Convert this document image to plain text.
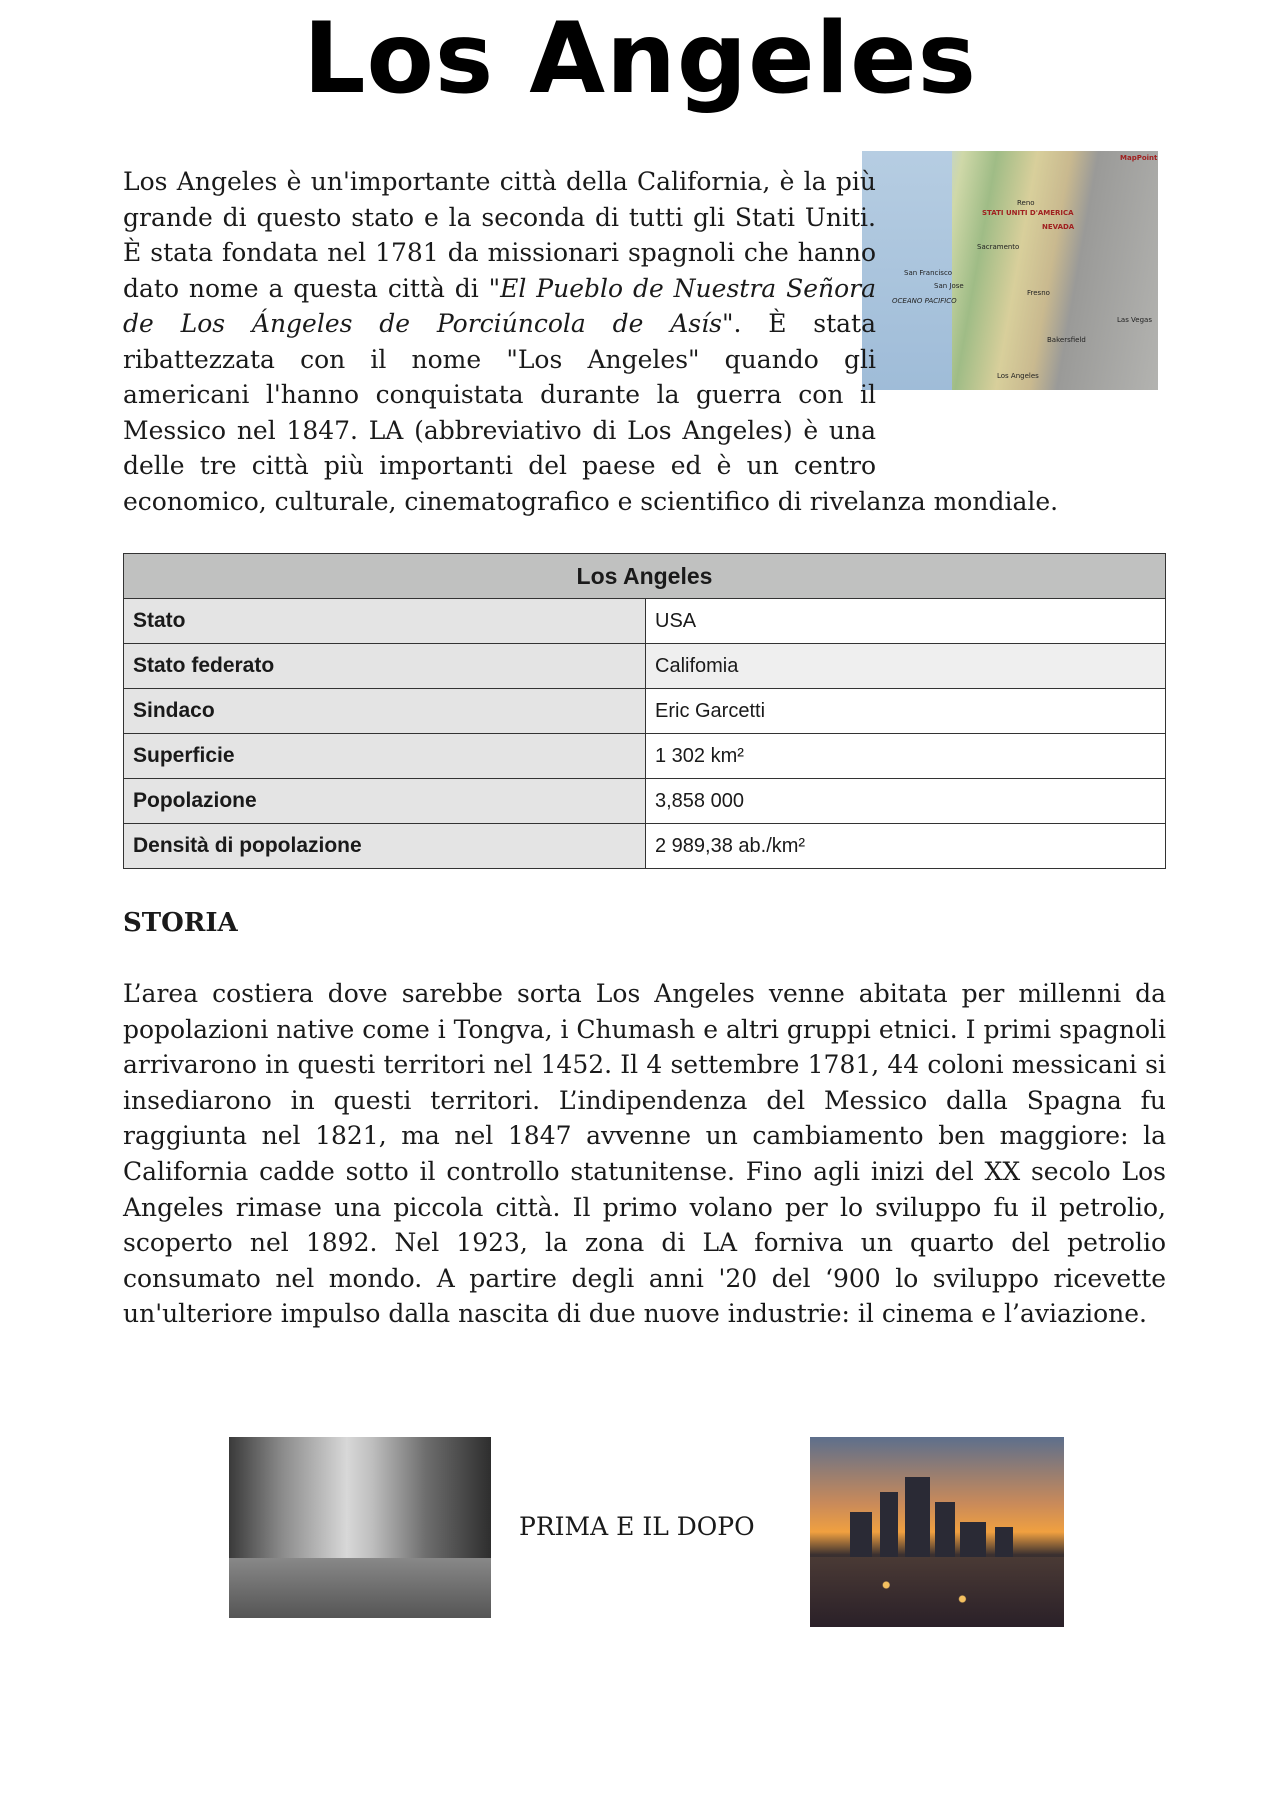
Los Angeles
STATI UNITI D'AMERICA
NEVADA
San Francisco
San Jose
OCEANO PACIFICO
Sacramento
Fresno
Los Angeles
Las Vegas
Bakersfield
Reno
MapPoint
Los Angeles è un'importante città della California, è la più grande di questo stato e la seconda di tutti gli Stati Uniti. È stata fondata nel 1781 da missionari spagnoli che hanno dato nome a questa città di "El Pueblo de Nuestra Señora de Los Ángeles de Porciúncola de Asís". È stata ribattezzata con il nome "Los Angeles" quando gli americani l'hanno conquistata durante la guerra con il Messico nel 1847. LA (abbreviativo di Los Angeles) è una delle tre città più importanti del paese ed è un centro economico, culturale, cinematografico e scientifico di rivelanza mondiale.
Los Angeles	
Stato	USA
Stato federato	Califomia
Sindaco	Eric Garcetti
Superficie	1 302 km²
Popolazione	3,858 000
Densità di popolazione	2 989,38 ab./km²
STORIA
L’area costiera dove sarebbe sorta Los Angeles venne abitata per millenni da popolazioni native come i Tongva, i Chumash e altri gruppi etnici. I primi spagnoli arrivarono in questi territori nel 1452. Il 4 settembre 1781, 44 coloni messicani si insediarono in questi territori. L’indipendenza del Messico dalla Spagna fu raggiunta nel 1821, ma nel 1847 avvenne un cambiamento ben maggiore: la California cadde sotto il controllo statunitense. Fino agli inizi del XX secolo Los Angeles rimase una piccola città. Il primo volano per lo sviluppo fu il petrolio, scoperto nel 1892. Nel 1923, la zona di LA forniva un quarto del petrolio consumato nel mondo. A partire degli anni '20 del ‘900 lo sviluppo ricevette un'ulteriore impulso dalla nascita di due nuove industrie: il cinema e l’aviazione.
PRIMA E IL DOPO
